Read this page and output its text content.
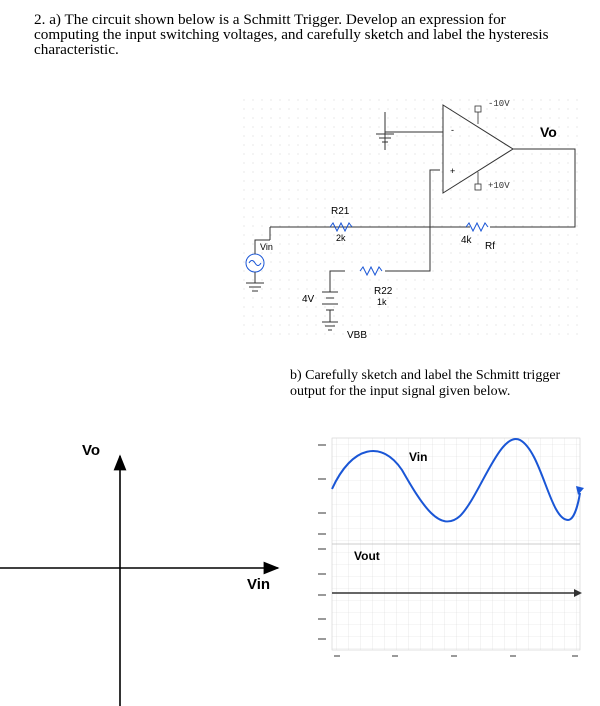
2. a) The circuit shown below is a Schmitt Trigger. Develop an expression for computing the input switching voltages, and carefully sketch and label the hysteresis characteristic.

-
+
-10V
+10V
Vo
4k
Rf
R21
2k
R22
1k
Vin
4V
VBB
Vo
Vin
Vin
Vout

b) Carefully sketch and label the Schmitt trigger output for the input signal given below.
